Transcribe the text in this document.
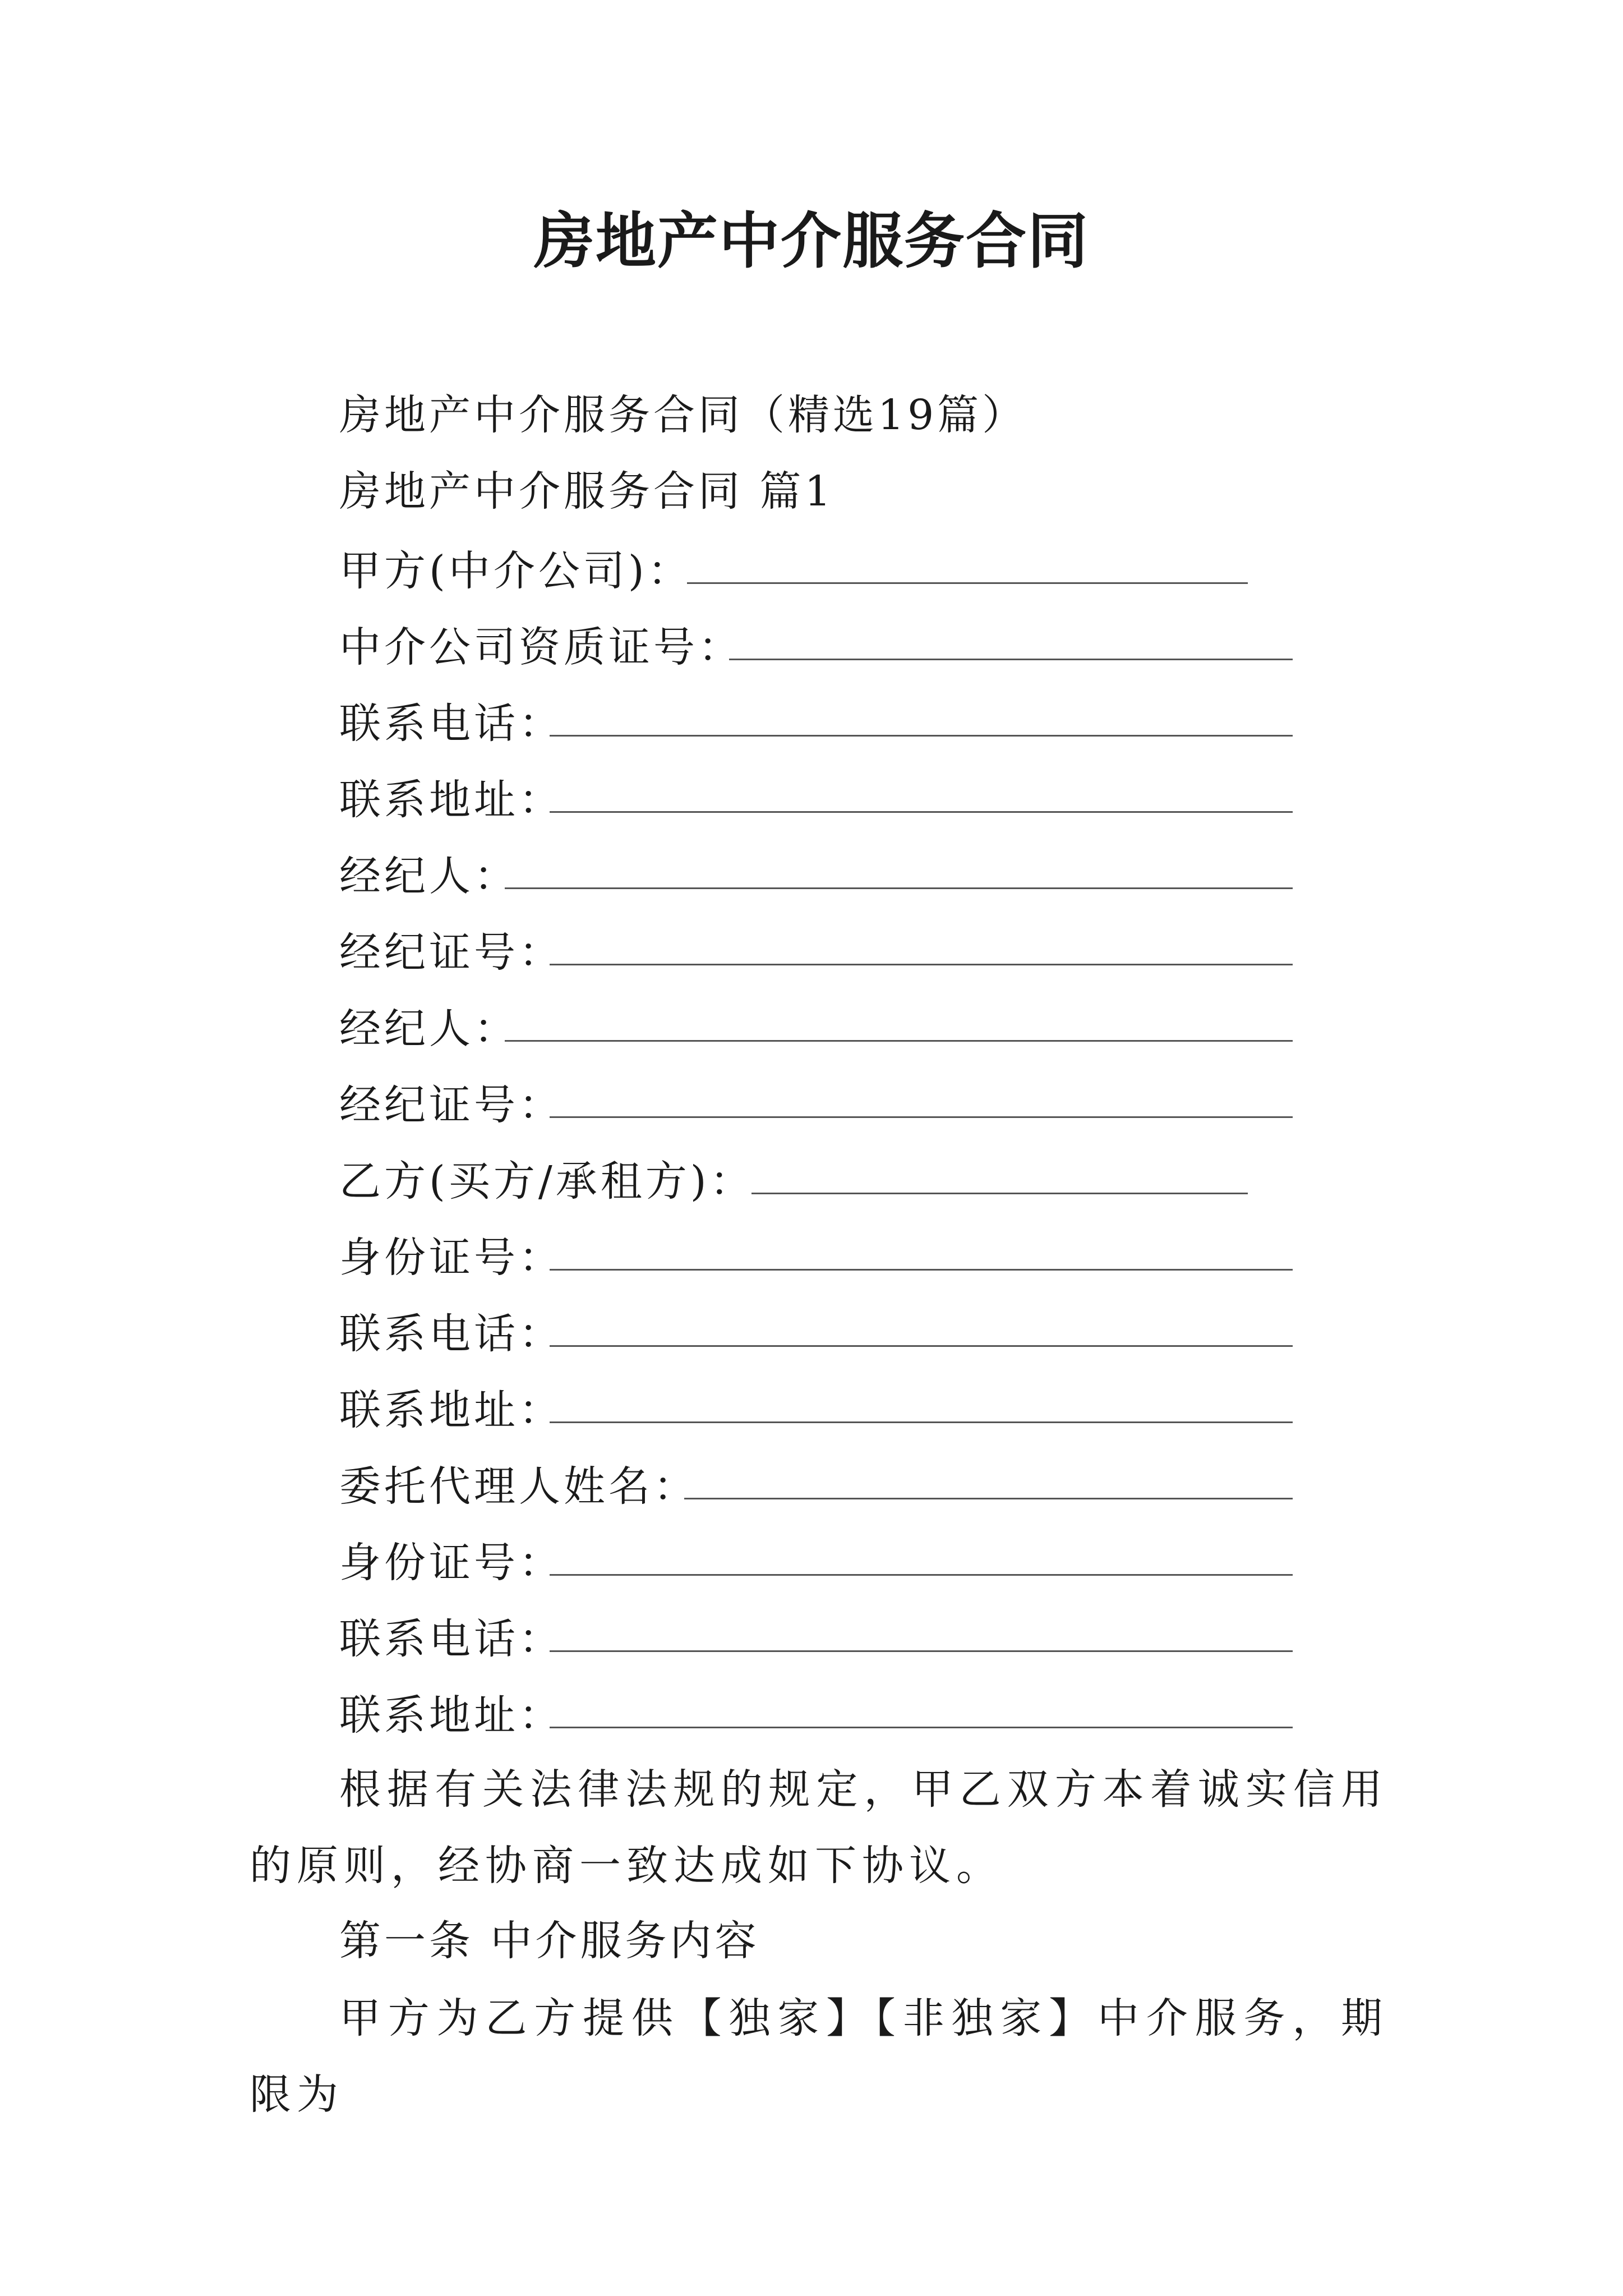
房地产中介服务合同
房地产中介服务合同（精选19篇）
房地产中介服务合同 篇1
甲方(中介公司)：
中介公司资质证号：
联系电话：
联系地址：
经纪人：
经纪证号：
经纪人：
经纪证号：
乙方(买方/承租方)：
身份证号：
联系电话：
联系地址：
委托代理人姓名：
身份证号：
联系电话：
联系地址：
根据有关法律法规的规定，甲乙双方本着诚实信用的原则，经协商一致达成如下协议。
第一条 中介服务内容
甲方为乙方提供【独家】【非独家】中介服务，期限为
